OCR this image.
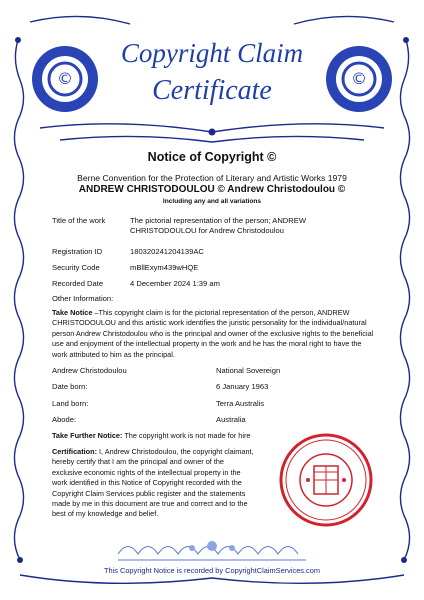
©	©
Copyright Claim
Certificate
Notice of Copyright ©
Berne Convention for the Protection of Literary and Artistic Works 1979
ANDREW CHRISTODOULOU © Andrew Christodoulou ©
Including any and all variations
Title of the work	The pictorial representation of the person; ANDREW
CHRISTODOULOU for Andrew Christodoulou
Registration ID	180320241204139AC
Security Code	mBllExym439wHQE
Recorded Date	4 December 2024 1:39 am
Other Information:
Take Notice –This copyright claim is for the pictorial representation of the person, ANDREW CHRISTODOULOU and this artistic work identifies the juristic personality for the individual/natural person Andrew Christodoulou who is the principal and owner of the exclusive rights to the beneficial use and enjoyment of the intellectual property in the work and he has the moral right to have the work attributed to him as the principal.
Andrew Christodoulou	National Sovereign
Date born:	6 January 1963
Land born:	Terra Australis
Abode:	Australia
Take Further Notice: The copyright work is not made for hire
Certification: I, Andrew Christodoulou, the copyright claimant, hereby certify that I am the principal and owner of the exclusive economic rights of the intellectual property in the work identified in this Notice of Copyright recorded with the Copyright Claim Services public register and the statements made by me in this document are true and correct and to the best of my knowledge and belief.
This Copyright Notice is recorded by CopyrightClaimServices.com
